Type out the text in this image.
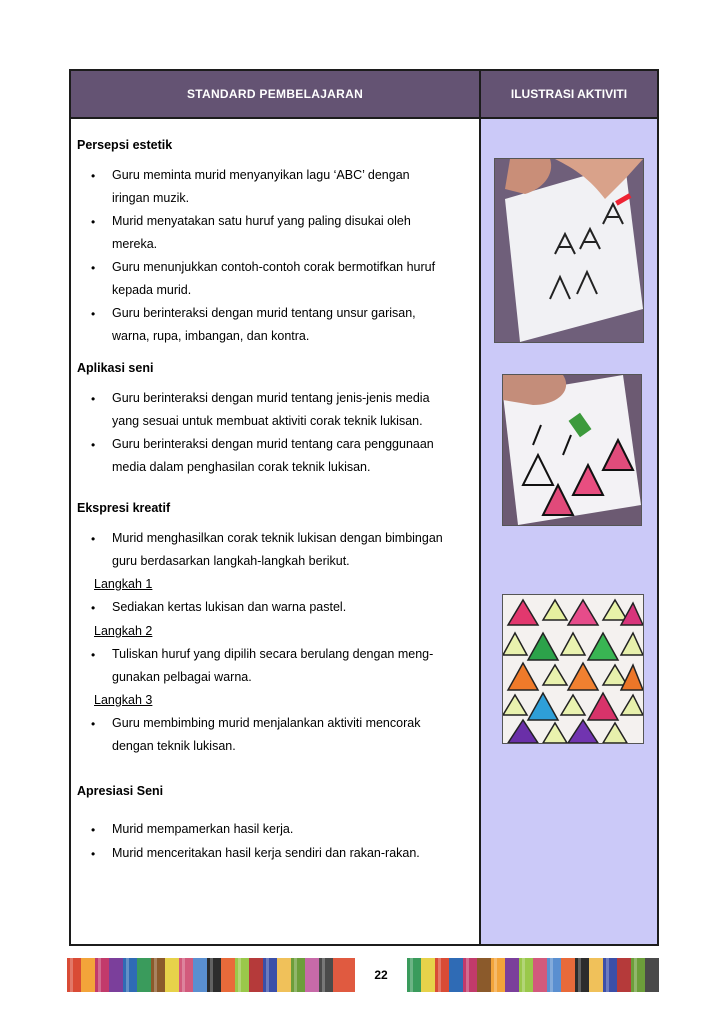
STANDARD PEMBELAJARAN	ILUSTRASI AKTIVITI
Persepsi estetik
• Guru meminta murid menyanyikan lagu ‘ABC’ dengan
iringan muzik.
• Murid menyatakan satu huruf yang paling disukai oleh
mereka.
• Guru menunjukkan contoh-contoh corak bermotifkan huruf
kepada murid.
• Guru berinteraksi dengan murid tentang unsur garisan,
warna, rupa, imbangan, dan kontra.
Aplikasi seni
• Guru berinteraksi dengan murid tentang jenis-jenis media
yang sesuai untuk membuat aktiviti corak teknik lukisan.
• Guru berinteraksi dengan murid tentang cara penggunaan
media dalam penghasilan corak teknik lukisan.
Ekspresi kreatif
• Murid menghasilkan corak teknik lukisan dengan bimbingan
guru berdasarkan langkah-langkah berikut.
Langkah 1
• Sediakan kertas lukisan dan warna pastel.
Langkah 2
• Tuliskan huruf yang dipilih secara berulang dengan meng-
gunakan pelbagai warna.
Langkah 3
• Guru membimbing murid menjalankan aktiviti mencorak
dengan teknik lukisan.
Apresiasi Seni
• Murid mempamerkan hasil kerja.
• Murid menceritakan hasil kerja sendiri dan rakan-rakan.
22
